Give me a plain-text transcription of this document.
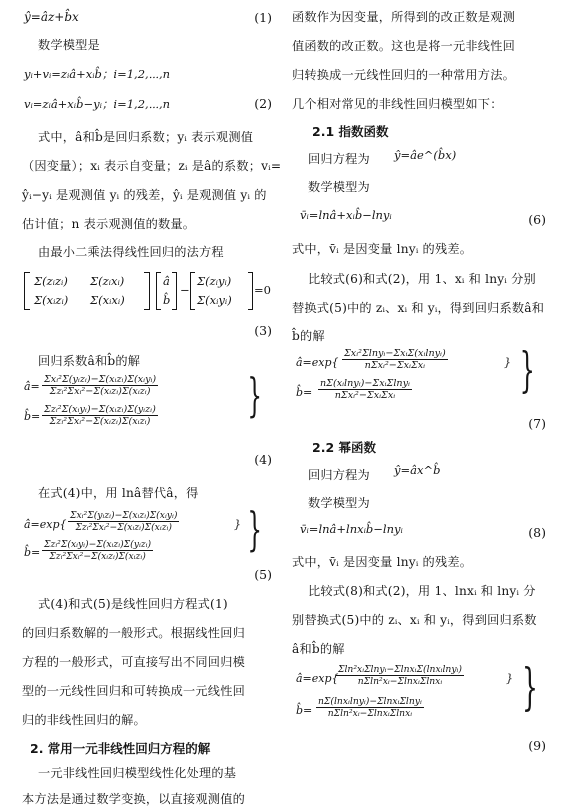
ŷ=âz+b̂x	(1)
数学模型是
yᵢ+vᵢ=zᵢâ+xᵢb̂；i=1,2,⋯,n
vᵢ=zᵢâ+xᵢb̂−yᵢ；i=1,2,⋯,n	(2)
式中，â和b̂是回归系数；yᵢ 表示观测值
（因变量）；xᵢ 表示自变量；zᵢ 是â的系数；vᵢ=
ŷᵢ−yᵢ 是观测值 yᵢ 的残差，ŷᵢ 是观测值 yᵢ 的
估计值；n 表示观测值的数量。
由最小二乘法得线性回归的法方程
Σ(zᵢzᵢ) Σ(zᵢxᵢ)
Σ(xᵢzᵢ) Σ(xᵢxᵢ)
â
b̂
−
Σ(zᵢyᵢ)
Σ(xᵢyᵢ)
=0
(3)
回归系数â和b̂的解
â=
Σxᵢ²Σ(yᵢzᵢ)−Σ(xᵢzᵢ)Σ(xᵢyᵢ)
Σzᵢ²Σxᵢ²−Σ(xᵢzᵢ)Σ(xᵢzᵢ)
b̂=
Σzᵢ²Σ(xᵢyᵢ)−Σ(xᵢzᵢ)Σ(yᵢzᵢ)
Σzᵢ²Σxᵢ²−Σ(xᵢzᵢ)Σ(xᵢzᵢ) }
(4)
在式(4)中，用 lnâ替代â，得
â=exp{
Σxᵢ²Σ(yᵢzᵢ)−Σ(xᵢzᵢ)Σ(xᵢyᵢ)
Σzᵢ²Σxᵢ²−Σ(xᵢzᵢ)Σ(xᵢzᵢ)	}
b̂=
Σzᵢ²Σ(xᵢyᵢ)−Σ(xᵢzᵢ)Σ(yᵢzᵢ)
Σzᵢ²Σxᵢ²−Σ(xᵢzᵢ)Σ(xᵢzᵢ)
}
(5)
式(4)和式(5)是线性回归方程式(1)
的回归系数解的一般形式。根据线性回归
方程的一般形式，可直接写出不同回归模
型的一元线性回归和可转换成一元线性回
归的非线性回归的解。
2. 常用一元非线性回归方程的解
一元非线性回归模型线性化处理的基
本方法是通过数学变换，以直接观测值的
函数作为因变量，所得到的改正数是观测
值函数的改正数。这也是将一元非线性回
归转换成一元线性回归的一种常用方法。
几个相对常见的非线性回归模型如下：
2.1 指数函数
回归方程为 ŷ=âe^(b̂x)
数学模型为
v̄ᵢ=lnâ+xᵢb̂−lnyᵢ	(6)
式中，v̄ᵢ 是因变量 lnyᵢ 的残差。
比较式(6)和式(2)，用 1、xᵢ 和 lnyᵢ 分别
替换式(5)中的 zᵢ、xᵢ 和 yᵢ，得到回归系数â和
b̂的解
â=exp{
Σxᵢ²Σlnyᵢ−ΣxᵢΣ(xᵢlnyᵢ)
nΣxᵢ²−ΣxᵢΣxᵢ	}
b̂=
nΣ(xᵢlnyᵢ)−ΣxᵢΣlnyᵢ
nΣxᵢ²−ΣxᵢΣxᵢ	}
(7)
2.2 幂函数
回归方程为 ŷ=âx^b̂
数学模型为
v̄ᵢ=lnâ+lnxᵢb̂−lnyᵢ	(8)
式中，v̄ᵢ 是因变量 lnyᵢ 的残差。
比较式(8)和式(2)，用 1、lnxᵢ 和 lnyᵢ 分
别替换式(5)中的 zᵢ、xᵢ 和 yᵢ，得到回归系数
â和b̂的解
â=exp{
Σln²xᵢΣlnyᵢ−ΣlnxᵢΣ(lnxᵢlnyᵢ)
nΣln²xᵢ−ΣlnxᵢΣlnxᵢ	}
b̂=
nΣ(lnxᵢlnyᵢ)−ΣlnxᵢΣlnyᵢ
nΣln²xᵢ−ΣlnxᵢΣlnxᵢ }
(9)
